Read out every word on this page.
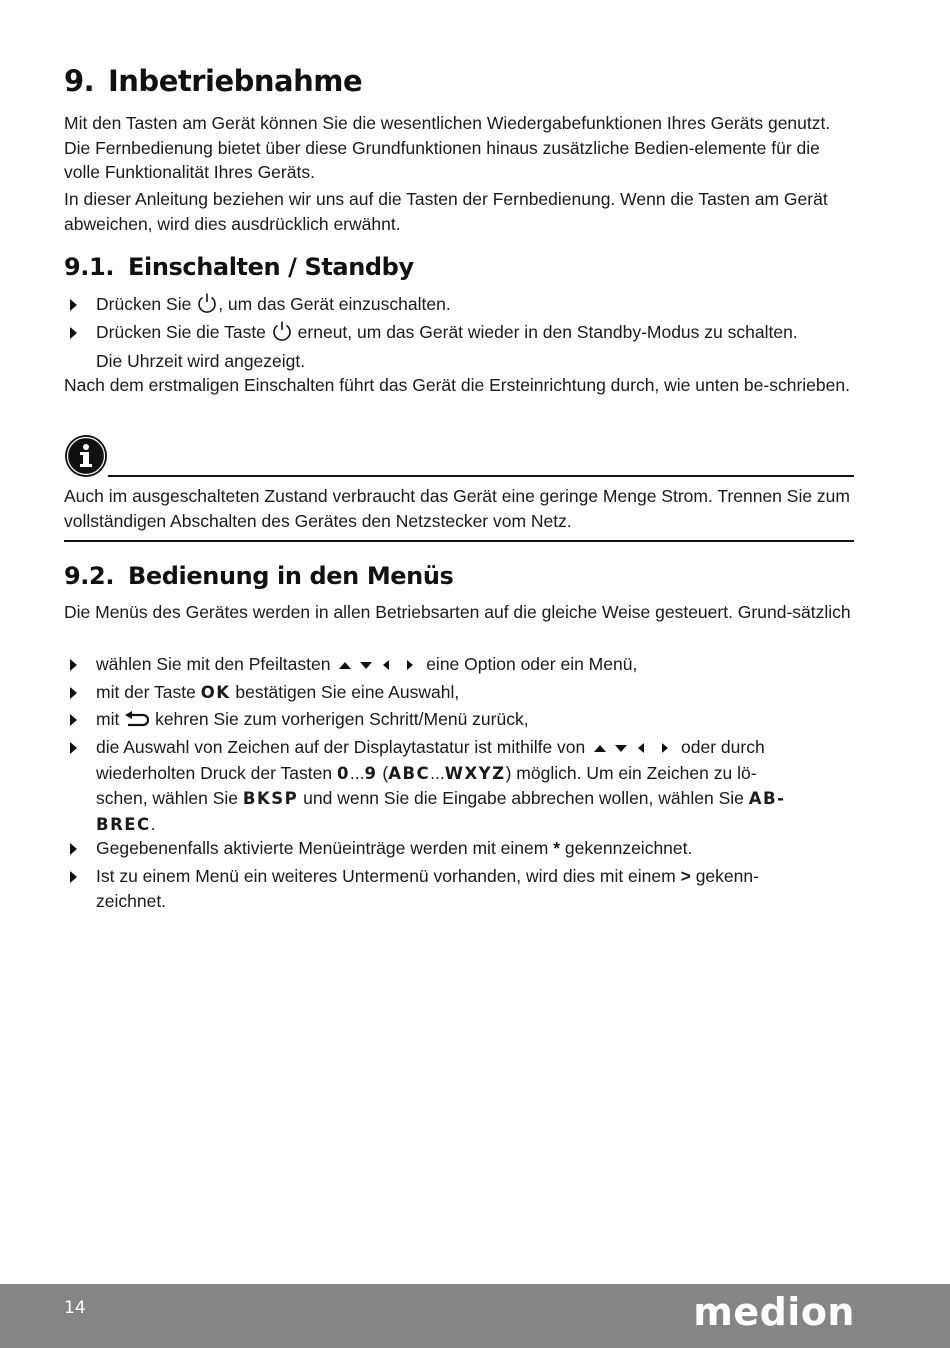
9. Inbetriebnahme

Mit den Tasten am Gerät können Sie die wesentlichen Wiedergabefunktionen Ihres Geräts genutzt. Die Fernbedienung bietet über diese Grundfunktionen hinaus zusätzliche Bedien-elemente für die volle Funktionalität Ihres Geräts.

In dieser Anleitung beziehen wir uns auf die Tasten der Fernbedienung. Wenn die Tasten am Gerät abweichen, wird dies ausdrücklich erwähnt.

9.1. Einschalten / Standby
Drücken Sie , um das Gerät einzuschalten.
Drücken Sie die Taste erneut, um das Gerät wieder in den Standby-Modus zu schalten.
Die Uhrzeit wird angezeigt.

Nach dem erstmaligen Einschalten führt das Gerät die Ersteinrichtung durch, wie unten be-schrieben.

Auch im ausgeschalteten Zustand verbraucht das Gerät eine geringe Menge Strom. Trennen Sie zum vollständigen Abschalten des Gerätes den Netzstecker vom Netz.

9.2. Bedienung in den Menüs

Die Menüs des Gerätes werden in allen Betriebsarten auf die gleiche Weise gesteuert. Grund-sätzlich

wählen Sie mit den Pfeiltasten	eine Option oder ein Menü,
mit der Taste OK bestätigen Sie eine Auswahl,
mit kehren Sie zum vorherigen Schritt/Menü zurück,
die Auswahl von Zeichen auf der Displaytastatur ist mithilfe von	oder durch
wiederholten Druck der Tasten 0...9 (ABC...WXYZ) möglich. Um ein Zeichen zu lö-
schen, wählen Sie BKSP und wenn Sie die Eingabe abbrechen wollen, wählen Sie AB-
BREC.
Gegebenenfalls aktivierte Menüeinträge werden mit einem * gekennzeichnet.
Ist zu einem Menü ein weiteres Untermenü vorhanden, wird dies mit einem > gekenn-
zeichnet.
14	medion
